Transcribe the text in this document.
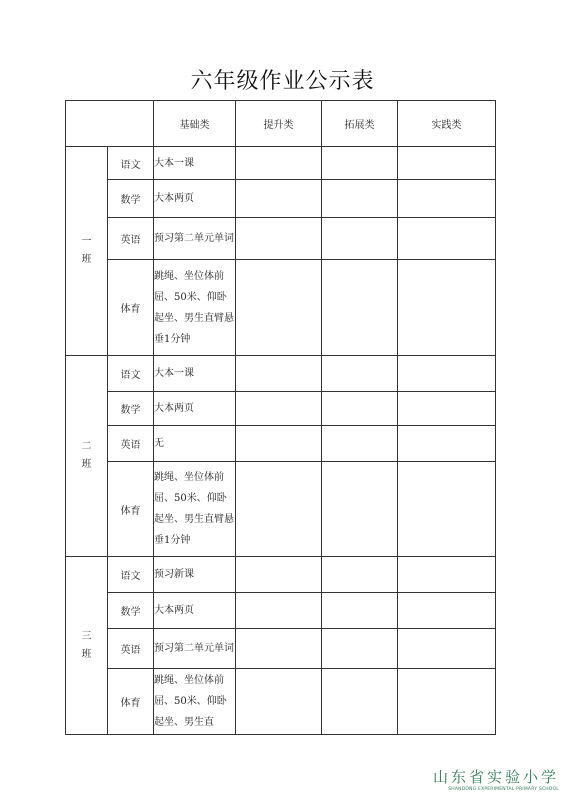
六年级作业公示表
		基础类	提升类	拓展类	实践类

一
班	语文	大本一课			
	数学	大本两页			
	英语	预习第二单元单词			
	体育	跳绳、坐位体前屈、50米、仰卧起坐、男生直臂悬垂1分钟			

二
班	语文	大本一课			
	数学	大本两页			
	英语	无			
	体育	跳绳、坐位体前屈、50米、仰卧起坐、男生直臂悬垂1分钟			

三
班	语文	预习新课			
	数学	大本两页			
	英语	预习第二单元单词			
	体育	跳绳、坐位体前屈、50米、仰卧起坐、男生直			
山东省实验小学
SHANDONG EXPERIMENTAL PRIMARY SCHOOL
